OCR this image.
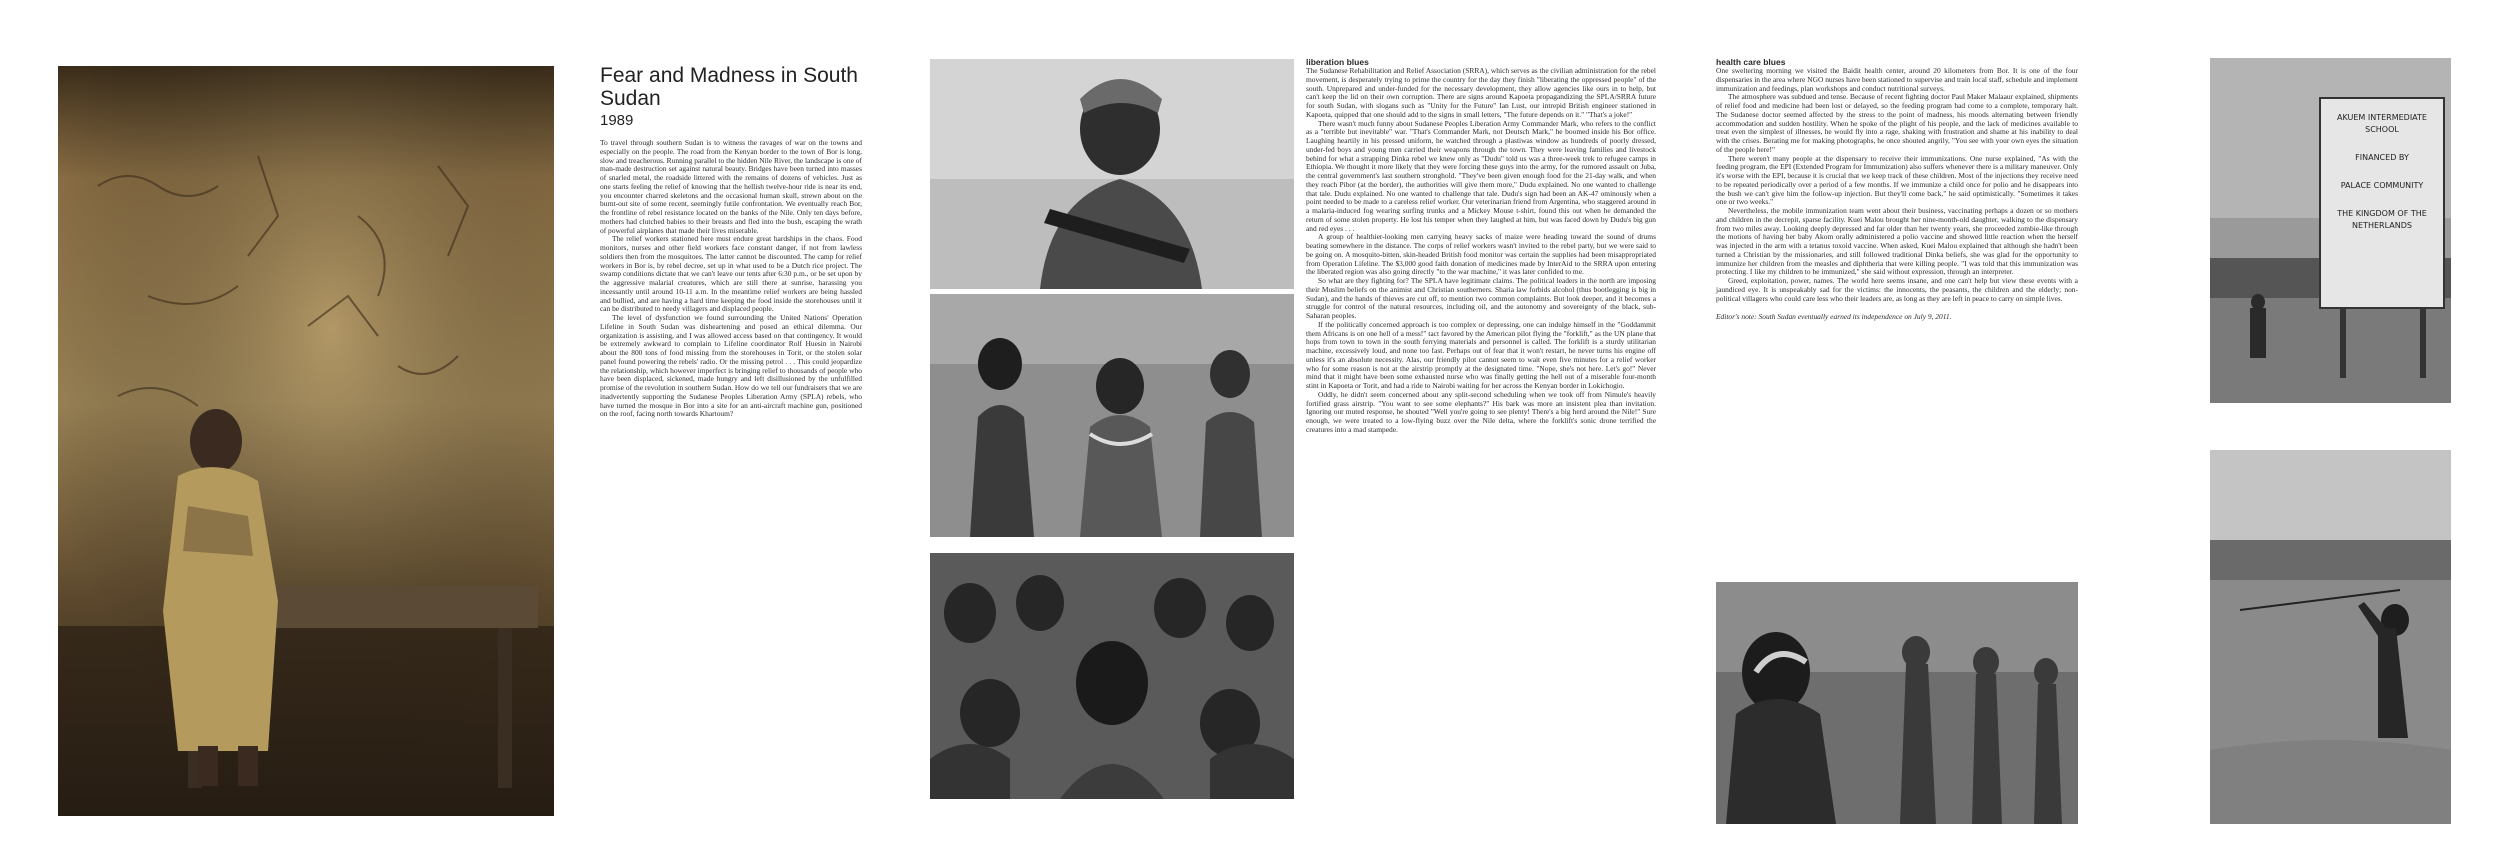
Fear and Madness in South Sudan
1989

To travel through southern Sudan is to witness the ravages of war on the towns and especially on the people. The road from the Kenyan border to the town of Bor is long, slow and treacherous. Running parallel to the hidden Nile River, the landscape is one of man-made destruction set against natural beauty. Bridges have been turned into masses of snarled metal, the roadside littered with the remains of dozens of vehicles. Just as one starts feeling the relief of knowing that the hellish twelve-hour ride is near its end, you encounter charred skeletons and the occasional human skull, strewn about on the burnt-out site of some recent, seemingly futile confrontation. We eventually reach Bor, the frontline of rebel resistance located on the banks of the Nile. Only ten days before, mothers had clutched babies to their breasts and fled into the bush, escaping the wrath of powerful airplanes that made their lives miserable.

The relief workers stationed here must endure great hardships in the chaos. Food monitors, nurses and other field workers face constant danger, if not from lawless soldiers then from the mosquitoes. The latter cannot be discounted. The camp for relief workers in Bor is, by rebel decree, set up in what used to be a Dutch rice project. The swamp conditions dictate that we can't leave our tents after 6:30 p.m., or be set upon by the aggressive malarial creatures, which are still there at sunrise, harassing you incessantly until around 10-11 a.m. In the meantime relief workers are being hassled and bullied, and are having a hard time keeping the food inside the storehouses until it can be distributed to needy villagers and displaced people.

The level of dysfunction we found surrounding the United Nations' Operation Lifeline in South Sudan was disheartening and posed an ethical dilemma. Our organization is assisting, and I was allowed access based on that contingency. It would be extremely awkward to complain to Lifeline coordinator Rolf Huesin in Nairobi about the 800 tons of food missing from the storehouses in Torit, or the stolen solar panel found powering the rebels' radio. Or the missing petrol . . . This could jeopardize the relationship, which however imperfect is bringing relief to thousands of people who have been displaced, sickened, made hungry and left disillusioned by the unfulfilled promise of the revolution in southern Sudan. How do we tell our fundraisers that we are inadvertently supporting the Sudanese Peoples Liberation Army (SPLA) rebels, who have turned the mosque in Bor into a site for an anti-aircraft machine gun, positioned on the roof, facing north towards Khartoum?

liberation blues

The Sudanese Rehabilitation and Relief Association (SRRA), which serves as the civilian administration for the rebel movement, is desperately trying to prime the country for the day they finish "liberating the oppressed people" of the south. Unprepared and under-funded for the necessary development, they allow agencies like ours in to help, but can't keep the lid on their own corruption. There are signs around Kapoeta propagandizing the SPLA/SRRA future for south Sudan, with slogans such as "Unity for the Future" Ian Lust, our intrepid British engineer stationed in Kapoeta, quipped that one should add to the signs in small letters, "The future depends on it." "That's a joke!"

There wasn't much funny about Sudanese Peoples Liberation Army Commander Mark, who refers to the conflict as a "terrible but inevitable" war. "That's Commander Mark, not Deutsch Mark," he boomed inside his Bor office. Laughing heartily in his pressed uniform, he watched through a plastiwas window as hundreds of poorly dressed, under-fed boys and young men carried their weapons through the town. They were leaving families and livestock behind for what a strapping Dinka rebel we knew only as "Dudu" told us was a three-week trek to refugee camps in Ethiopia. We thought it more likely that they were forcing these guys into the army, for the rumored assault on Juba, the central government's last southern stronghold. "They've been given enough food for the 21-day walk, and when they reach Pibor (at the border), the authorities will give them more," Dudu explained. No one wanted to challenge that tale. Dudu explained. No one wanted to challenge that tale. Dudu's sign had been an AK-47 ominously when a point needed to be made to a careless relief worker. Our veterinarian friend from Argentina, who staggered around in a malaria-induced fog wearing surfing trunks and a Mickey Mouse t-shirt, found this out when he demanded the return of some stolen property. He lost his temper when they laughed at him, but was faced down by Dudu's big gun and red eyes . . .

A group of healthier-looking men carrying heavy sacks of maize were heading toward the sound of drums beating somewhere in the distance. The corps of relief workers wasn't invited to the rebel party, but we were said to be going on. A mosquito-bitten, skin-headed British food monitor was certain the supplies had been misappropriated from Operation Lifeline. The $3,000 good faith donation of medicines made by InterAid to the SRRA upon entering the liberated region was also going directly "to the war machine," it was later confided to me.

So what are they fighting for? The SPLA have legitimate claims. The political leaders in the north are imposing their Muslim beliefs on the animist and Christian southerners. Sharia law forbids alcohol (thus bootlegging is big in Sudan), and the hands of thieves are cut off, to mention two common complaints. But look deeper, and it becomes a struggle for control of the natural resources, including oil, and the autonomy and sovereignty of the black, sub-Saharan peoples.

If the politically concerned approach is too complex or depressing, one can indulge himself in the "Goddammit them Africans is on one hell of a mess!" tact favored by the American pilot flying the "forklift," as the UN plane that hops from town to town in the south ferrying materials and personnel is called. The forklift is a sturdy utilitarian machine, excessively loud, and none too fast. Perhaps out of fear that it won't restart, he never turns his engine off unless it's an absolute necessity. Alas, our friendly pilot cannot seem to wait even five minutes for a relief worker who for some reason is not at the airstrip promptly at the designated time. "Nope, she's not here. Let's go!" Never mind that it might have been some exhausted nurse who was finally getting the hell out of a miserable four-month stint in Kapoeta or Torit, and had a ride to Nairobi waiting for her across the Kenyan border in Lokichogio.

Oddly, he didn't seem concerned about any split-second scheduling when we took off from Nimule's heavily fortified grass airstrip. "You want to see some elephants?" His bark was more an insistent plea than invitation. Ignoring our muted response, he shouted "Well you're going to see plenty! There's a big herd around the Nile!" Sure enough, we were treated to a low-flying buzz over the Nile delta, where the forklift's sonic drone terrified the creatures into a mad stampede.

health care blues

One sweltering morning we visited the Baidit health center, around 20 kilometers from Bor. It is one of the four dispensaries in the area where NGO nurses have been stationed to supervise and train local staff, schedule and implement immunization and feedings, plan workshops and conduct nutritional surveys.

The atmosphere was subdued and tense. Because of recent fighting doctor Paul Maker Malaaur explained, shipments of relief food and medicine had been lost or delayed, so the feeding program had come to a complete, temporary halt. The Sudanese doctor seemed affected by the stress to the point of madness, his moods alternating between friendly accommodation and sudden hostility. When he spoke of the plight of his people, and the lack of medicines available to treat even the simplest of illnesses, he would fly into a rage, shaking with frustration and shame at his inability to deal with the crises. Berating me for making photographs, he once shouted angrily, "You see with your own eyes the situation of the people here!"

There weren't many people at the dispensary to receive their immunizations. One nurse explained, "As with the feeding program, the EPI (Extended Program for Immunization) also suffers whenever there is a military maneuver. Only it's worse with the EPI, because it is crucial that we keep track of these children. Most of the injections they receive need to be repeated periodically over a period of a few months. If we immunize a child once for polio and he disappears into the bush we can't give him the follow-up injection. But they'll come back," he said optimistically. "Sometimes it takes one or two weeks."

Nevertheless, the mobile immunization team went about their business, vaccinating perhaps a dozen or so mothers and children in the decrepit, sparse facility. Kuei Malou brought her nine-month-old daughter, walking to the dispensary from two miles away. Looking deeply depressed and far older than her twenty years, she proceeded zombie-like through the motions of having her baby Akom orally administered a polio vaccine and showed little reaction when the herself was injected in the arm with a tetanus toxoid vaccine. When asked, Kuei Malou explained that although she hadn't been turned a Christian by the missionaries, and still followed traditional Dinka beliefs, she was glad for the opportunity to immunize her children from the measles and diphtheria that were killing people. "I was told that this immunization was protecting. I like my children to be immunized," she said without expression, through an interpreter.

Greed, exploitation, power, names. The world here seems insane, and one can't help but view these events with a jaundiced eye. It is unspeakably sad for the victims: the innocents, the peasants, the children and the elderly; non-political villagers who could care less who their leaders are, as long as they are left in peace to carry on simple lives.

Editor's note: South Sudan eventually earned its independence on July 9, 2011.

AKUEM INTERMEDIATE
SCHOOL
FINANCED BY
PALACE COMMUNITY
THE KINGDOM OF THE
NETHERLANDS
